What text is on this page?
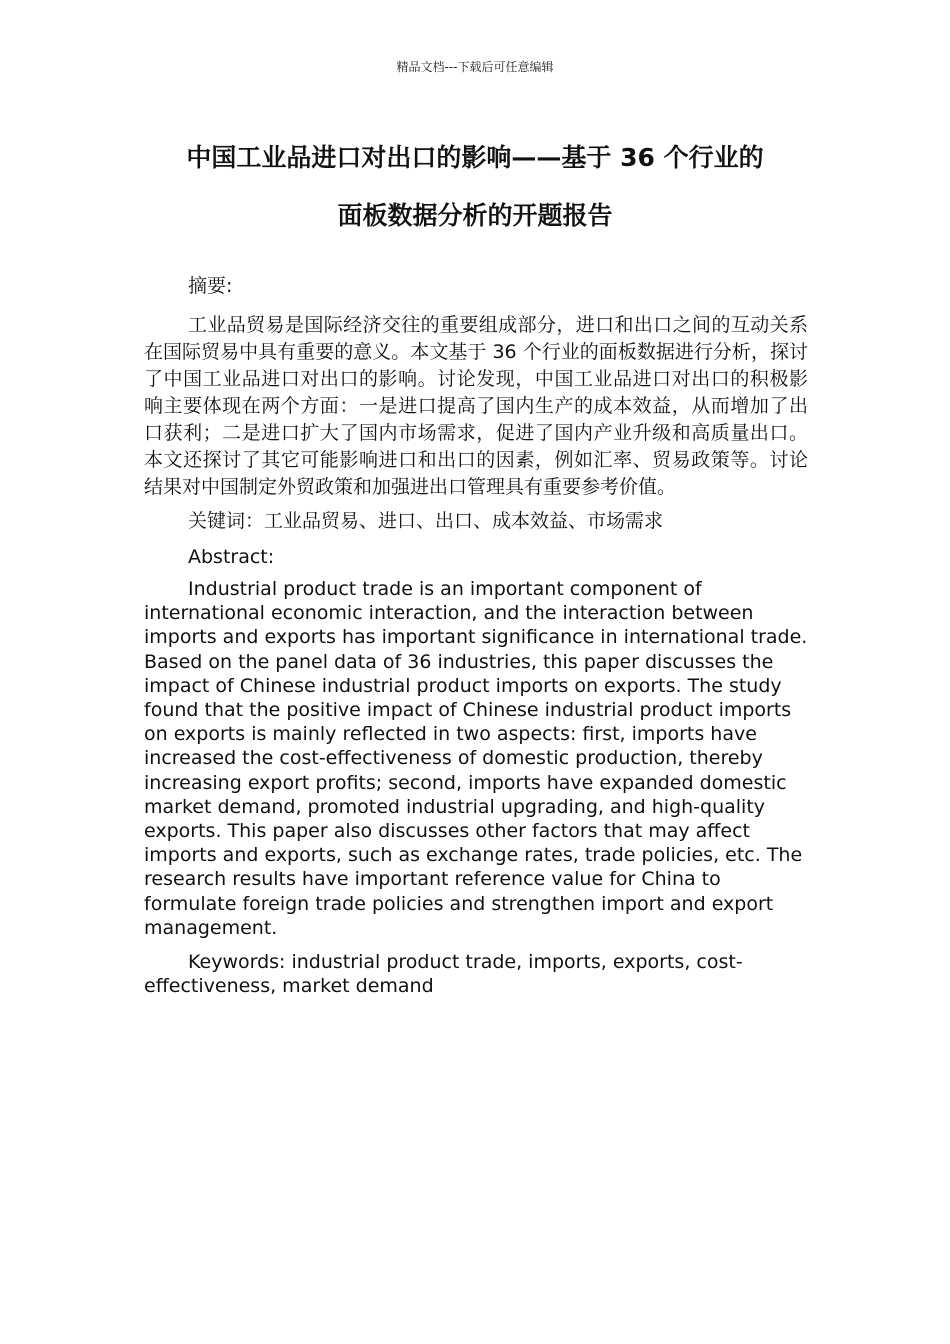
精品文档---下载后可任意编辑
中国工业品进口对出口的影响——基于 36 个行业的
面板数据分析的开题报告

摘要:

工业品贸易是国际经济交往的重要组成部分，进口和出口之间的互动关系在国际贸易中具有重要的意义。本文基于 36 个行业的面板数据进行分析，探讨了中国工业品进口对出口的影响。讨论发现，中国工业品进口对出口的积极影响主要体现在两个方面：一是进口提高了国内生产的成本效益，从而增加了出口获利；二是进口扩大了国内市场需求，促进了国内产业升级和高质量出口。本文还探讨了其它可能影响进口和出口的因素，例如汇率、贸易政策等。讨论结果对中国制定外贸政策和加强进出口管理具有重要参考价值。

关键词：工业品贸易、进口、出口、成本效益、市场需求

Abstract:

Industrial product trade is an important component of international economic interaction, and the interaction between imports and exports has important significance in international trade. Based on the panel data of 36 industries, this paper discusses the impact of Chinese industrial product imports on exports. The study found that the positive impact of Chinese industrial product imports on exports is mainly reflected in two aspects: first, imports have increased the cost-effectiveness of domestic production, thereby increasing export profits; second, imports have expanded domestic market demand, promoted industrial upgrading, and high-quality exports. This paper also discusses other factors that may affect imports and exports, such as exchange rates, trade policies, etc. The research results have important reference value for China to formulate foreign trade policies and strengthen import and export management.

Keywords: industrial product trade, imports, exports, cost-effectiveness, market demand
